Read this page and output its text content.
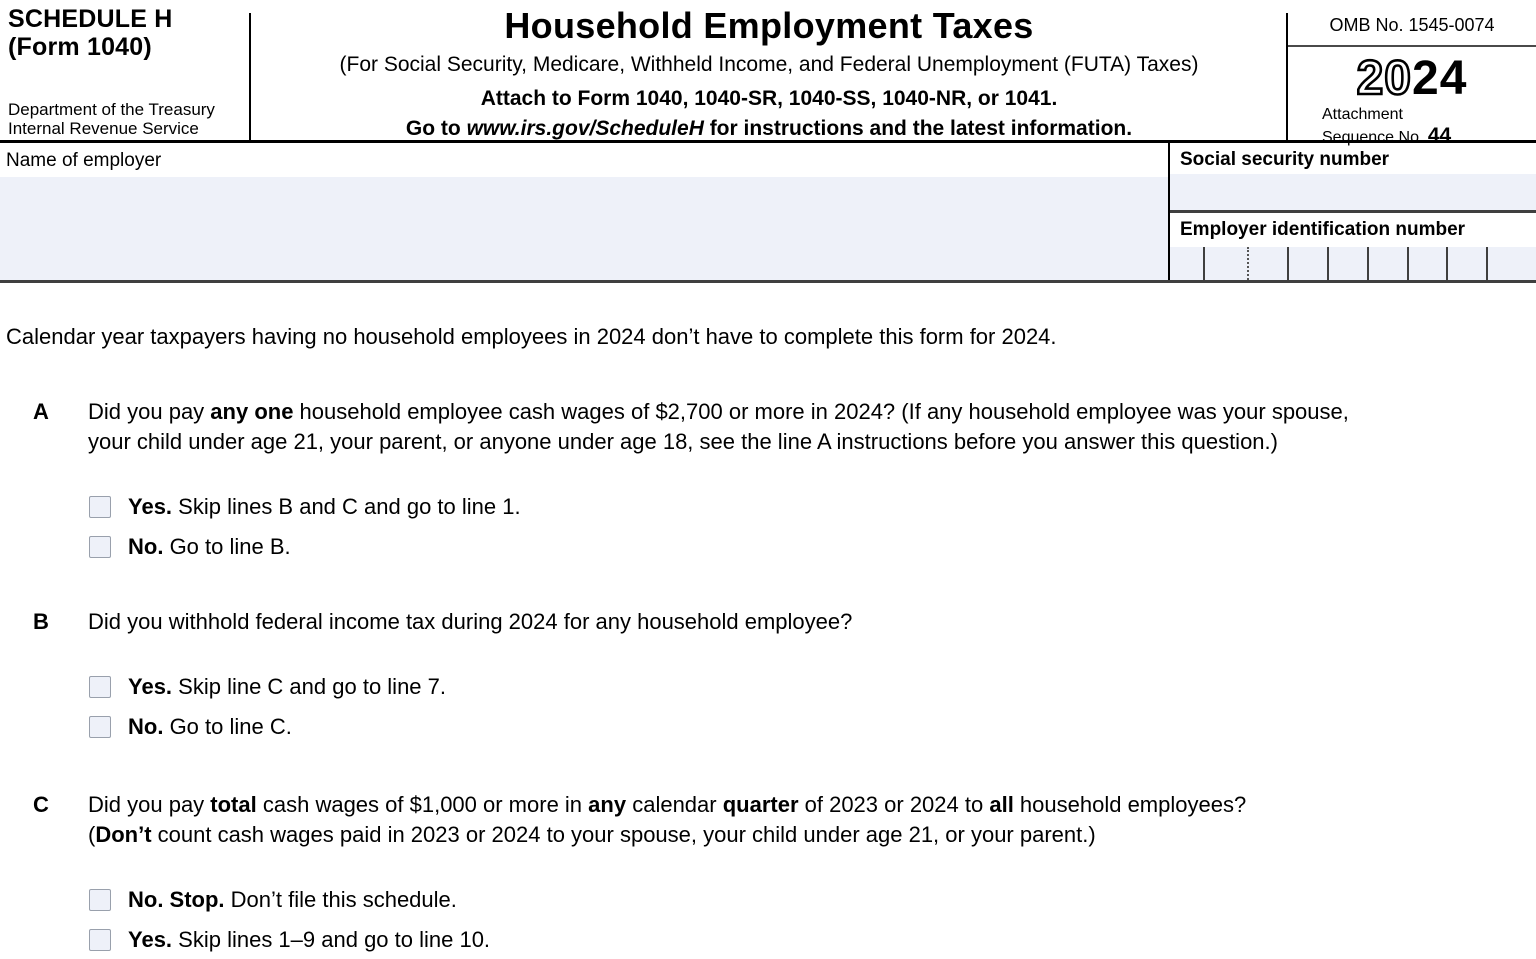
SCHEDULE H
(Form 1040)
Department of the Treasury
Internal Revenue Service
Household Employment Taxes
(For Social Security, Medicare, Withheld Income, and Federal Unemployment (FUTA) Taxes)
Attach to Form 1040, 1040-SR, 1040-SS, 1040-NR, or 1041.
Go to www.irs.gov/ScheduleH for instructions and the latest information.
OMB No. 1545-0074
2024
Attachment
Sequence No. 44
Name of employer	Social security number
Employer identification number
Calendar year taxpayers having no household employees in 2024 don’t have to complete this form for 2024.
A	Did you pay any one household employee cash wages of $2,700 or more in 2024? (If any household employee was your spouse,
your child under age 21, your parent, or anyone under age 18, see the line A instructions before you answer this question.)
Yes. Skip lines B and C and go to line 1.
No. Go to line B.
B	Did you withhold federal income tax during 2024 for any household employee?
Yes. Skip line C and go to line 7.
No. Go to line C.
C	Did you pay total cash wages of $1,000 or more in any calendar quarter of 2023 or 2024 to all household employees?
(Don’t count cash wages paid in 2023 or 2024 to your spouse, your child under age 21, or your parent.)
No. Stop. Don’t file this schedule.
Yes. Skip lines 1–9 and go to line 10.
